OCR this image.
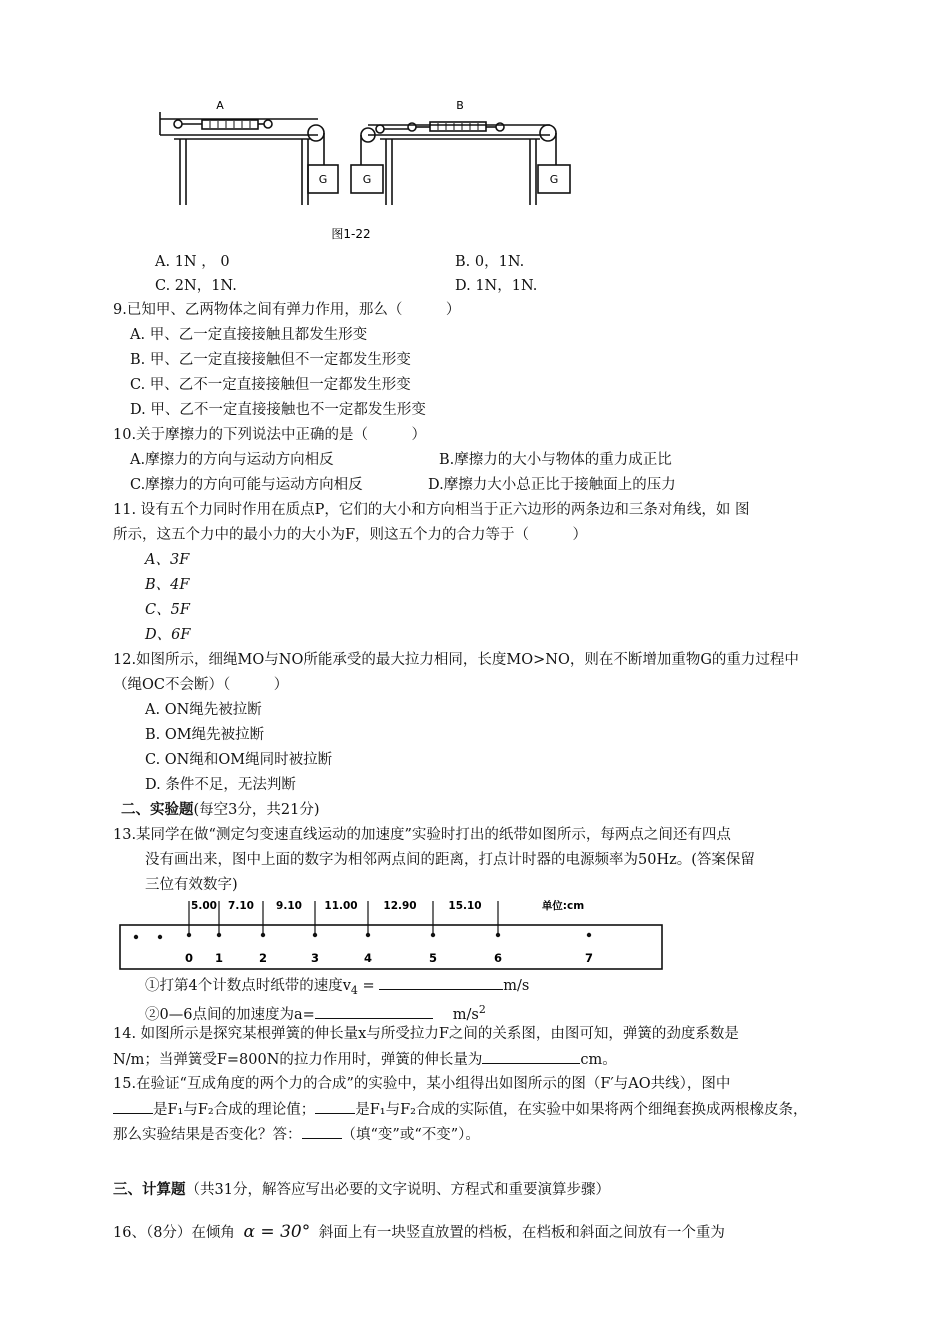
A	B
G	G	G
图1-22
A. 1N ， 0	B. 0，1N.
C. 2N，1N.	D. 1N，1N.
9.已知甲、乙两物体之间有弹力作用，那么（　　　）
A. 甲、乙一定直接接触且都发生形变
B. 甲、乙一定直接接触但不一定都发生形变
C. 甲、乙不一定直接接触但一定都发生形变
D. 甲、乙不一定直接接触也不一定都发生形变
10.关于摩擦力的下列说法中正确的是（　　　）
A.摩擦力的方向与运动方向相反	B.摩擦力的大小与物体的重力成正比
C.摩擦力的方向可能与运动方向相反	D.摩擦力大小总正比于接触面上的压力
11. 设有五个力同时作用在质点P，它们的大小和方向相当于正六边形的两条边和三条对角线，如 图
所示，这五个力中的最小力的大小为F，则这五个力的合力等于（　　　）
A、3F
B、4F
C、5F
D、6F
12.如图所示，细绳MO与NO所能承受的最大拉力相同，长度MO>NO，则在不断增加重物G的重力过程中
（绳OC不会断）（　　　）
A. ON绳先被拉断
B. OM绳先被拉断
C. ON绳和OM绳同时被拉断
D. 条件不足，无法判断
二、实验题(每空3分，共21分)
13.某同学在做“测定匀变速直线运动的加速度”实验时打出的纸带如图所示，每两点之间还有四点
没有画出来，图中上面的数字为相邻两点间的距离，打点计时器的电源频率为50Hz。(答案保留
三位有效数字)
5.00 7.10 9.10 11.00 12.90	15.10	单位:cm
0 1	2	3	4	5	6	7
①打第4个计数点时纸带的速度$v_4$ =	m/s
②0—6点间的加速度为a=	$m/s^2$
14. 如图所示是探究某根弹簧的伸长量x与所受拉力F之间的关系图，由图可知，弹簧的劲度系数是
N/m；当弹簧受F=800N的拉力作用时，弹簧的伸长量为	cm。
15.在验证“互成角度的两个力的合成”的实验中，某小组得出如图所示的图（F′与AO共线），图中
是F₁与F₂合成的理论值；	是F₁与F₂合成的实际值，在实验中如果将两个细绳套换成两根橡皮条，
那么实验结果是否变化？答：	（填“变”或“不变”）。
三、计算题（共31分，解答应写出必要的文字说明、方程式和重要演算步骤）
16、（8分）在倾角 α = 30° 斜面上有一块竖直放置的档板，在档板和斜面之间放有一个重为
